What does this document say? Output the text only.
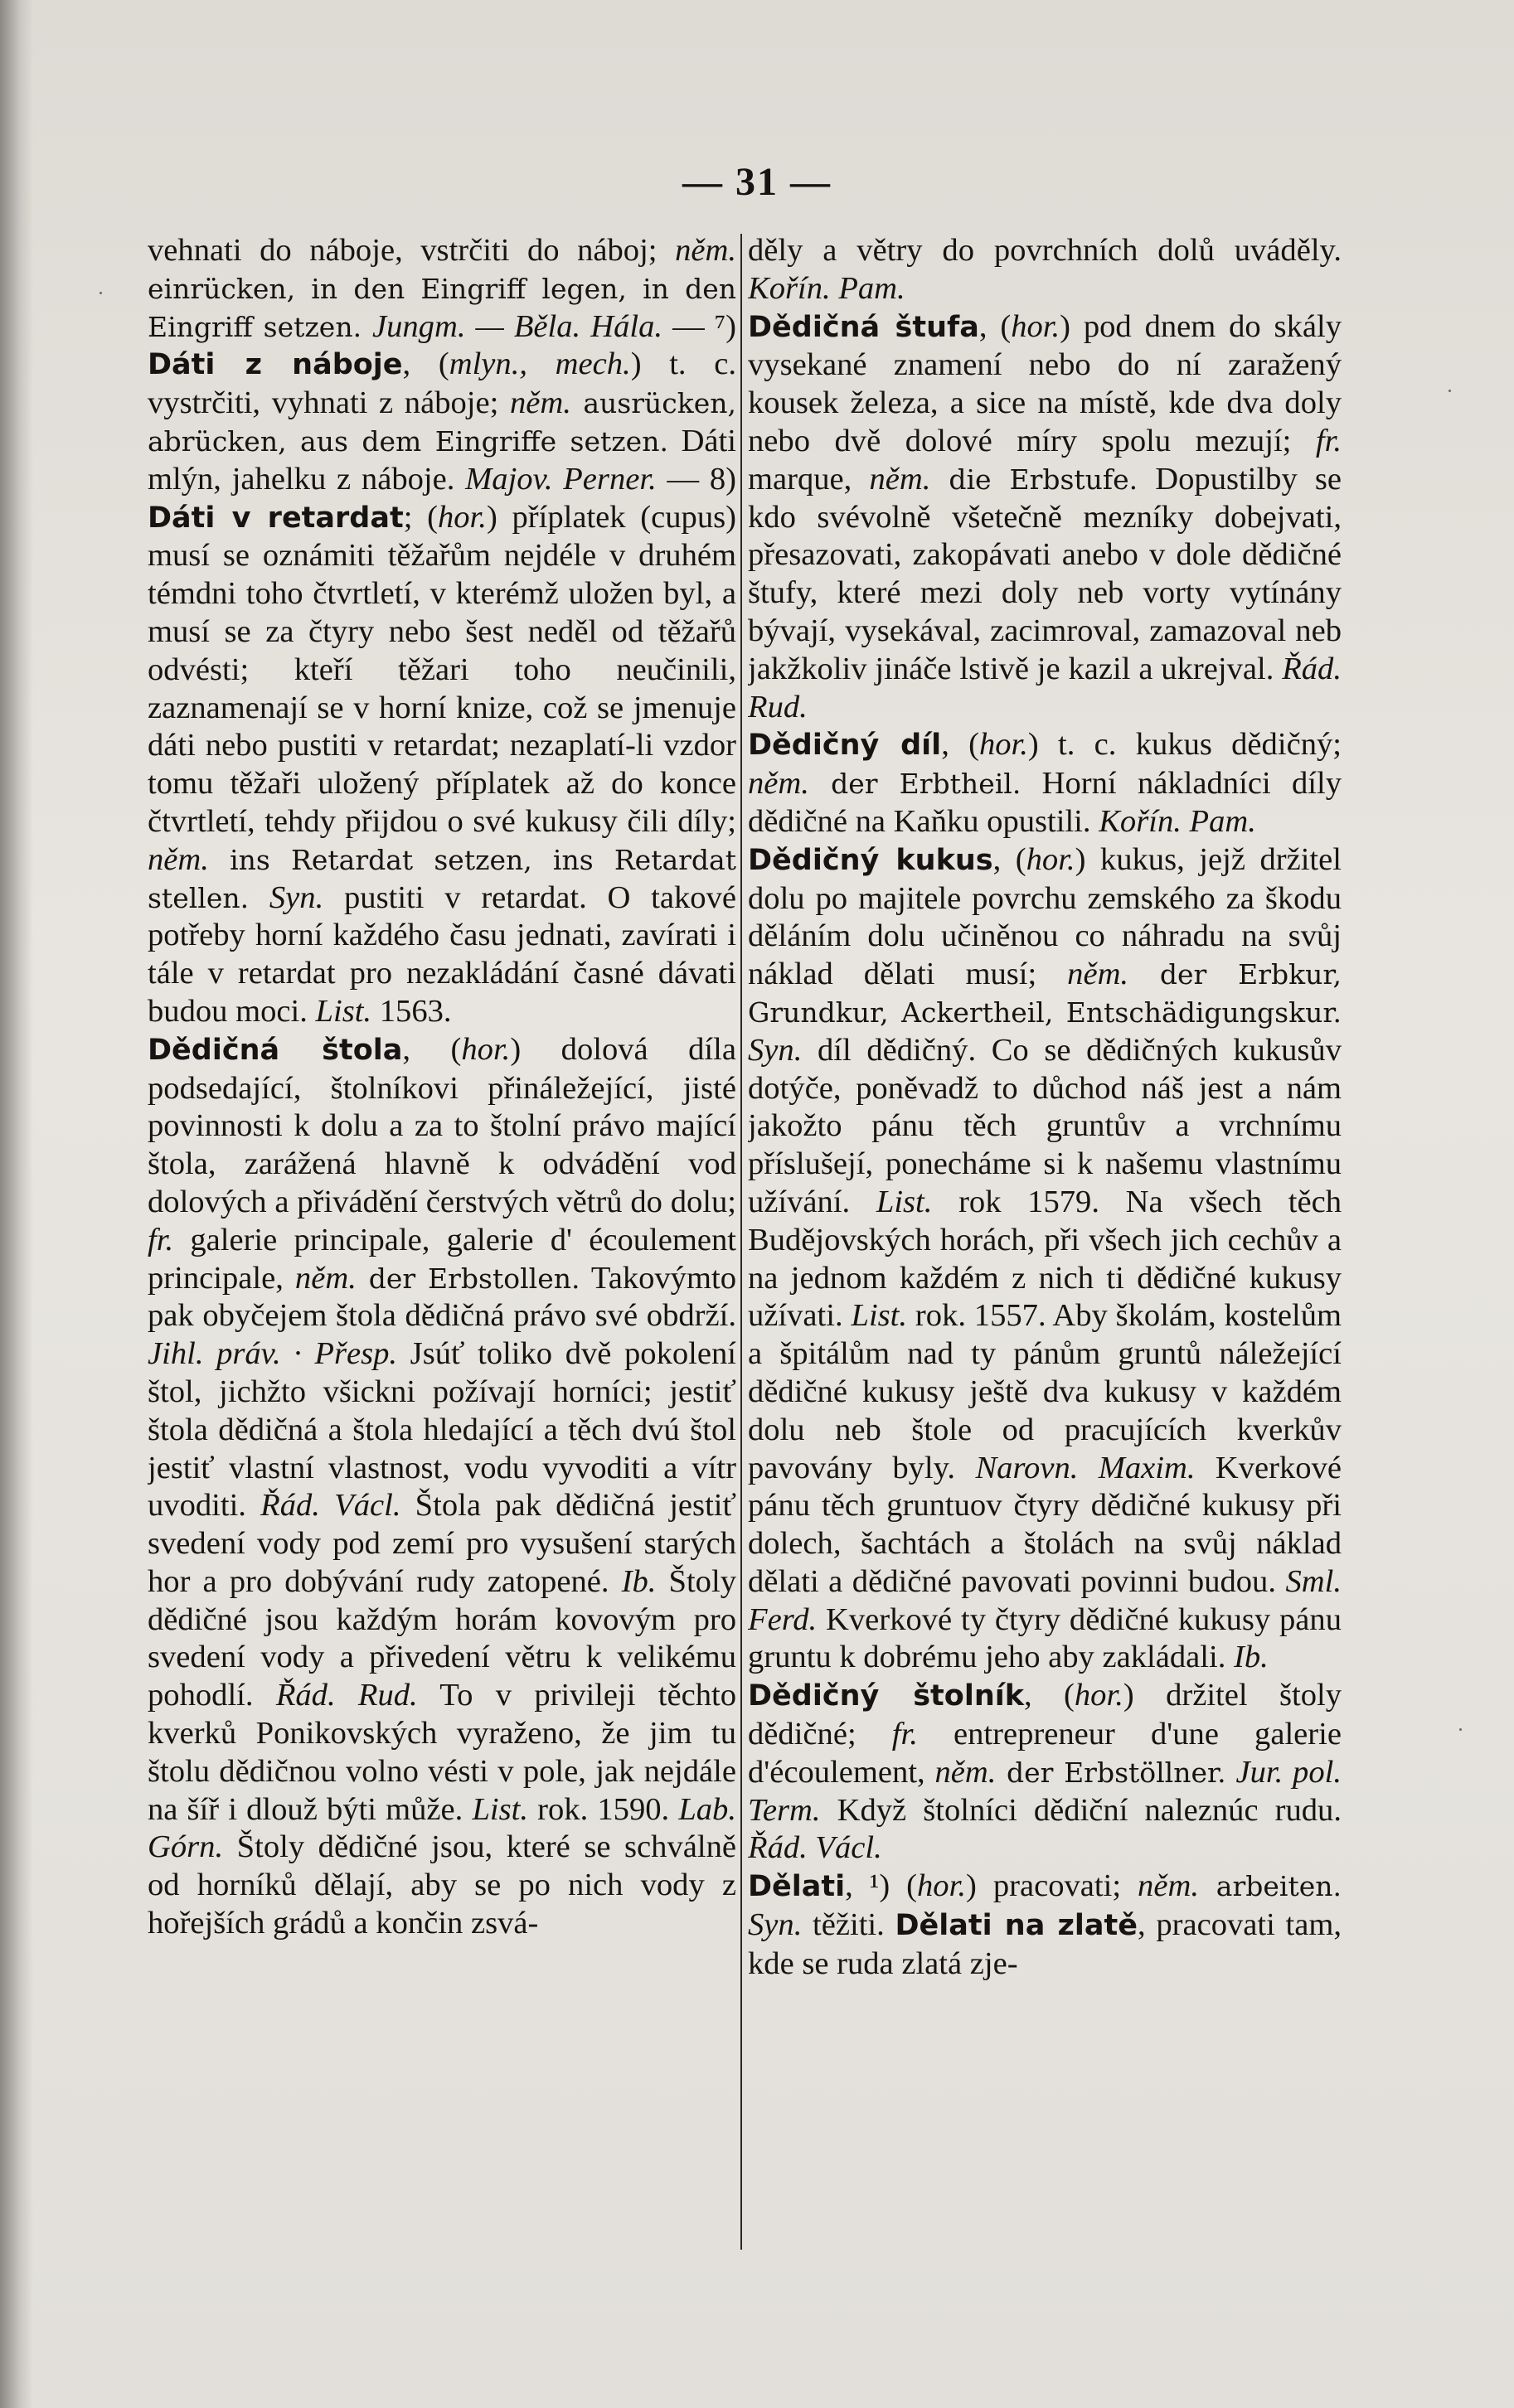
— 31 —

vehnati do náboje, vstrčiti do náboj; něm. einrücken, in den Eingriff legen, in den Eingriff setzen. Jungm. — Běla. Hála. — ⁷) Dáti z náboje, (mlyn., mech.) t. c. vystrčiti, vyhnati z náboje; něm. ausrücken, abrücken, aus dem Eingriffe setzen. Dáti mlýn, jahelku z náboje. Majov. Perner. — 8) Dáti v retardat; (hor.) příplatek (cupus) musí se oznámiti těžařům nejdéle v druhém témdni toho čtvrtletí, v kterémž uložen byl, a musí se za čtyry nebo šest neděl od těžařů odvésti; kteří těžari toho neučinili, zaznamenají se v horní knize, což se jmenuje dáti nebo pustiti v retardat; nezaplatí-li vzdor tomu těžaři uložený příplatek až do konce čtvrtletí, tehdy přijdou o své kukusy čili díly; něm. ins Retardat setzen, ins Retardat stellen. Syn. pustiti v retardat. O takové potřeby horní každého času jednati, zavírati i tále v retardat pro nezakládání časné dávati budou moci. List. 1563.

Dědičná štola, (hor.) dolová díla podsedající, štolníkovi přináležející, jisté povinnosti k dolu a za to štolní právo mající štola, zarážená hlavně k odvádění vod dolových a přivádění čerstvých větrů do dolu; fr. galerie principale, galerie d' écoulement principale, něm. der Erbstollen. Takovýmto pak obyčejem štola dědičná právo své obdrží. Jihl. práv. · Přesp. Jsúť toliko dvě pokolení štol, jichžto všickni požívají horníci; jestiť štola dědičná a štola hledající a těch dvú štol jestiť vlastní vlastnost, vodu vyvoditi a vítr uvoditi. Řád. Václ. Štola pak dědičná jestiť svedení vody pod zemí pro vysušení starých hor a pro dobývání rudy zatopené. Ib. Štoly dědičné jsou každým horám kovovým pro svedení vody a přivedení větru k velikému pohodlí. Řád. Rud. To v privileji těchto kverků Ponikovských vyraženo, že jim tu štolu dědičnou volno vésti v pole, jak nejdále na šíř i dlouž býti může. List. rok. 1590. Lab. Górn. Štoly dědičné jsou, které se schválně od horníků dělají, aby se po nich vody z hořejších grádů a končin zsvá-

děly a větry do povrchních dolů uváděly. Kořín. Pam.

Dědičná štufa, (hor.) pod dnem do skály vysekané znamení nebo do ní zaražený kousek železa, a sice na místě, kde dva doly nebo dvě dolové míry spolu mezují; fr. marque, něm. die Erbstufe. Dopustilby se kdo svévolně všetečně mezníky dobejvati, přesazovati, zakopávati anebo v dole dědičné štufy, které mezi doly neb vorty vytínány bývají, vysekával, zacimroval, zamazoval neb jakžkoliv jináče lstivě je kazil a ukrejval. Řád. Rud.

Dědičný díl, (hor.) t. c. kukus dědičný; něm. der Erbtheil. Horní nákladníci díly dědičné na Kaňku opustili. Kořín. Pam.

Dědičný kukus, (hor.) kukus, jejž držitel dolu po majitele povrchu zemského za škodu děláním dolu učiněnou co náhradu na svůj náklad dělati musí; něm. der Erbkur, Grundkur, Ackertheil, Entschädigungskur. Syn. díl dědičný. Co se dědičných kukusův dotýče, poněvadž to důchod náš jest a nám jakožto pánu těch gruntův a vrchnímu příslušejí, ponecháme si k našemu vlastnímu užívání. List. rok 1579. Na všech těch Budějovských horách, při všech jich cechův a na jednom každém z nich ti dědičné kukusy užívati. List. rok. 1557. Aby školám, kostelům a špitálům nad ty pánům gruntů náležející dědičné kukusy ještě dva kukusy v každém dolu neb štole od pracujících kverkův pavovány byly. Narovn. Maxim. Kverkové pánu těch gruntuov čtyry dědičné kukusy při dolech, šachtách a štolách na svůj náklad dělati a dědičné pavovati povinni budou. Sml. Ferd. Kverkové ty čtyry dědičné kukusy pánu gruntu k dobrému jeho aby zakládali. Ib.

Dědičný štolník, (hor.) držitel štoly dědičné; fr. entrepreneur d'une galerie d'écoulement, něm. der Erbstöllner. Jur. pol. Term. Když štolníci dědiční naleznúc rudu. Řád. Václ.

Dělati, ¹) (hor.) pracovati; něm. arbeiten. Syn. těžiti. Dělati na zlatě, pracovati tam, kde se ruda zlatá zje-
